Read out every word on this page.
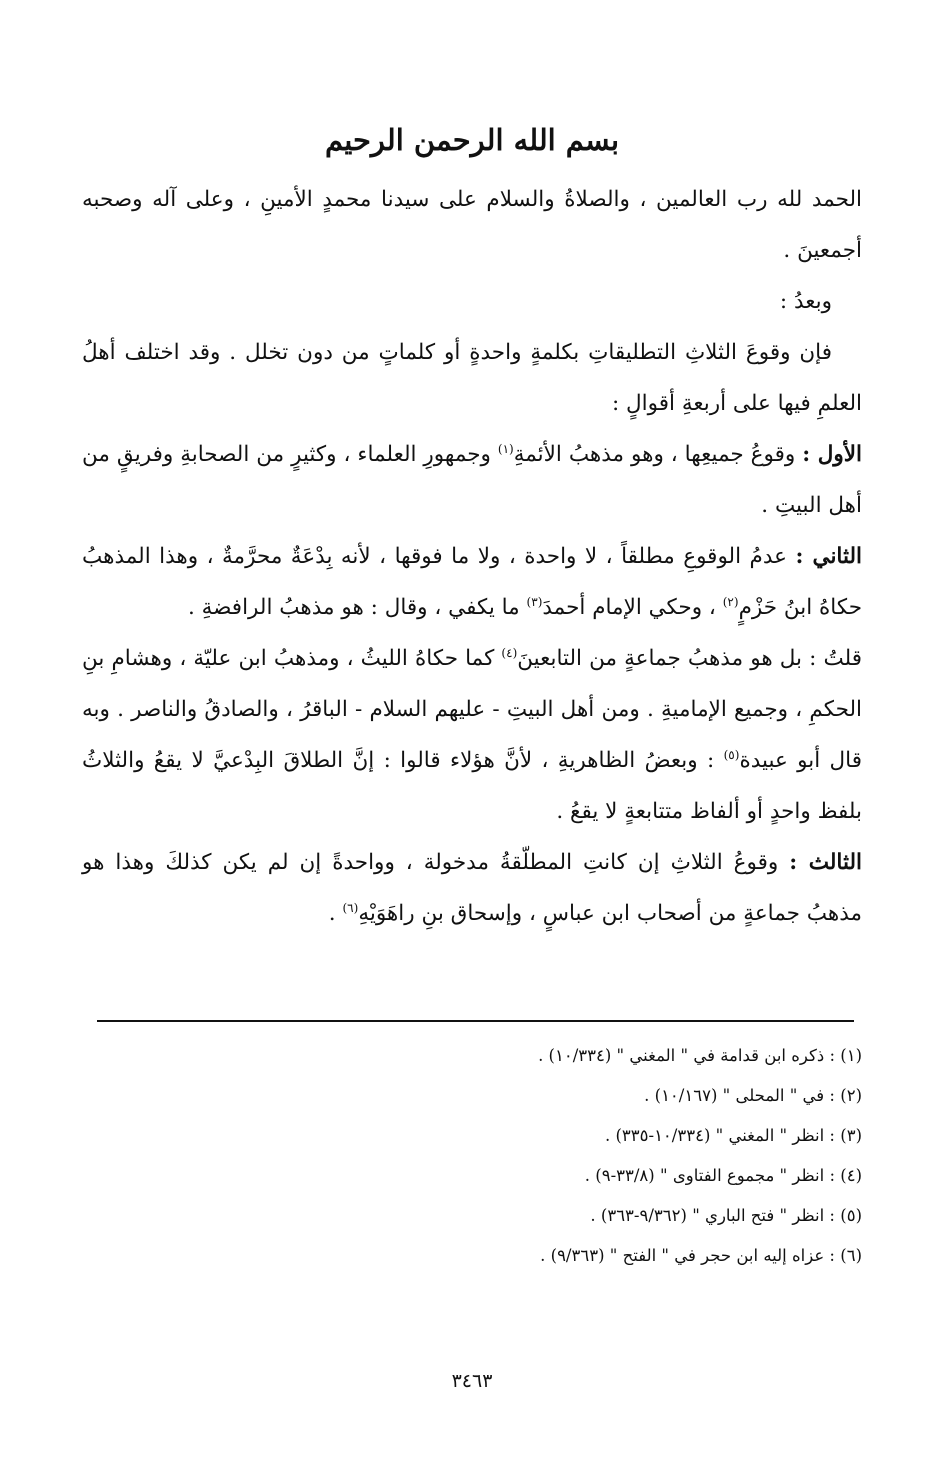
بسم الله الرحمن الرحيم

الحمد لله رب العالمين ، والصلاةُ والسلام على سيدنا محمدٍ الأمينِ ، وعلى آله وصحبه أجمعينَ .

وبعدُ :

فإن وقوعَ الثلاثِ التطليقاتِ بكلمةٍ واحدةٍ أو كلماتٍ من دون تخلل . وقد اختلف أهلُ العلمِ فيها على أربعةِ أقوالٍ :

الأول : وقوعُ جميعِها ، وهو مذهبُ الأئمةِ$^{(١)}$ وجمهورِ العلماء ، وكثيرٍ من الصحابةِ وفريقٍ من أهل البيتِ .

الثاني : عدمُ الوقوعِ مطلقاً ، لا واحدة ، ولا ما فوقها ، لأنه بِدْعَةٌ محرَّمةٌ ، وهذا المذهبُ حكاهُ ابنُ حَزْمٍ$^{(٢)}$ ، وحكي الإمام أحمدَ$^{(٣)}$ ما يكفي ، وقال : هو مذهبُ الرافضةِ .

قلتُ : بل هو مذهبُ جماعةٍ من التابعينَ$^{(٤)}$ كما حكاهُ الليثُ ، ومذهبُ ابن عليّة ، وهشامِ بنِ الحكمِ ، وجميع الإماميةِ . ومن أهل البيتِ - عليهم السلام - الباقرُ ، والصادقُ والناصر . وبه قال أبو عبيدة$^{(٥)}$ : وبعضُ الظاهريةِ ، لأنَّ هؤلاء قالوا : إنَّ الطلاقَ البِدْعيَّ لا يقعُ والثلاثُ بلفظ واحدٍ أو ألفاظ متتابعةٍ لا يقعُ .

الثالث : وقوعُ الثلاثِ إن كانتِ المطلّقةُ مدخولة ، وواحدةً إن لم يكن كذلكَ وهذا هو مذهبُ جماعةٍ من أصحاب ابن عباسٍ ، وإسحاق بنِ راهَوَيْهِ$^{(٦)}$ .

(١) : ذكره ابن قدامة في " المغني " (١٠/٣٣٤) .
(٢) : في " المحلى " (١٠/١٦٧) .
(٣) : انظر " المغني " (١٠/٣٣٤-٣٣٥) .
(٤) : انظر " مجموع الفتاوى " (٣٣/٨-٩) .
(٥) : انظر " فتح الباري " (٩/٣٦٢-٣٦٣) .
(٦) : عزاه إليه ابن حجر في " الفتح " (٩/٣٦٣) .
٣٤٦٣
